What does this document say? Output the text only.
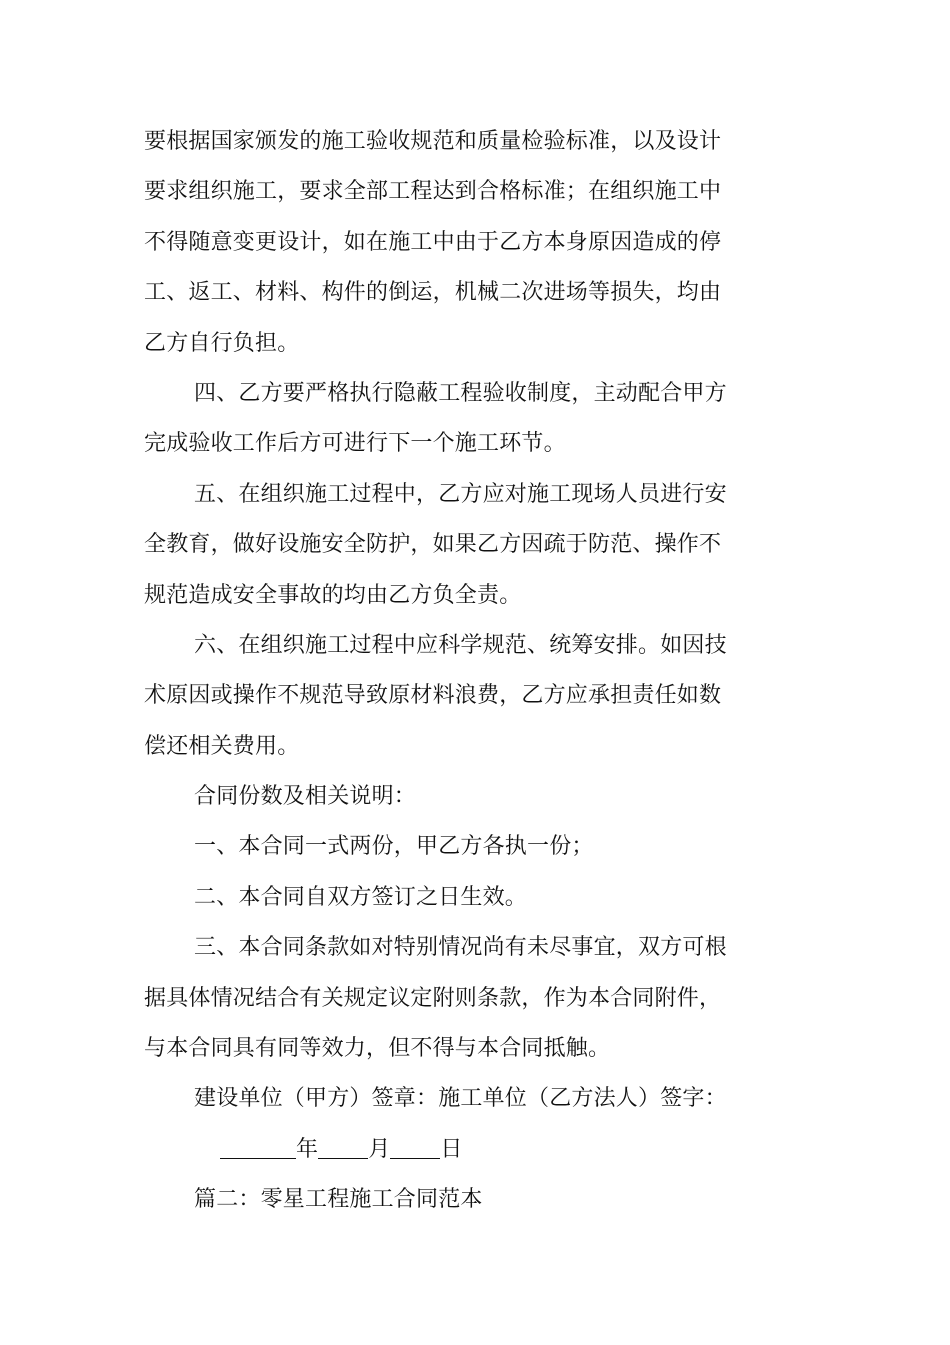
要根据国家颁发的施工验收规范和质量检验标准，以及设计
要求组织施工，要求全部工程达到合格标准；在组织施工中
不得随意变更设计，如在施工中由于乙方本身原因造成的停
工、返工、材料、构件的倒运，机械二次进场等损失，均由
乙方自行负担。
四、乙方要严格执行隐蔽工程验收制度，主动配合甲方
完成验收工作后方可进行下一个施工环节。
五、在组织施工过程中，乙方应对施工现场人员进行安
全教育，做好设施安全防护，如果乙方因疏于防范、操作不
规范造成安全事故的均由乙方负全责。
六、在组织施工过程中应科学规范、统筹安排。如因技
术原因或操作不规范导致原材料浪费，乙方应承担责任如数
偿还相关费用。
合同份数及相关说明：
一、本合同一式两份，甲乙方各执一份；
二、本合同自双方签订之日生效。
三、本合同条款如对特别情况尚有未尽事宜，双方可根
据具体情况结合有关规定议定附则条款，作为本合同附件，
与本合同具有同等效力，但不得与本合同抵触。
建设单位（甲方）签章：施工单位（乙方法人）签字：
年 月 日
篇二：零星工程施工合同范本
